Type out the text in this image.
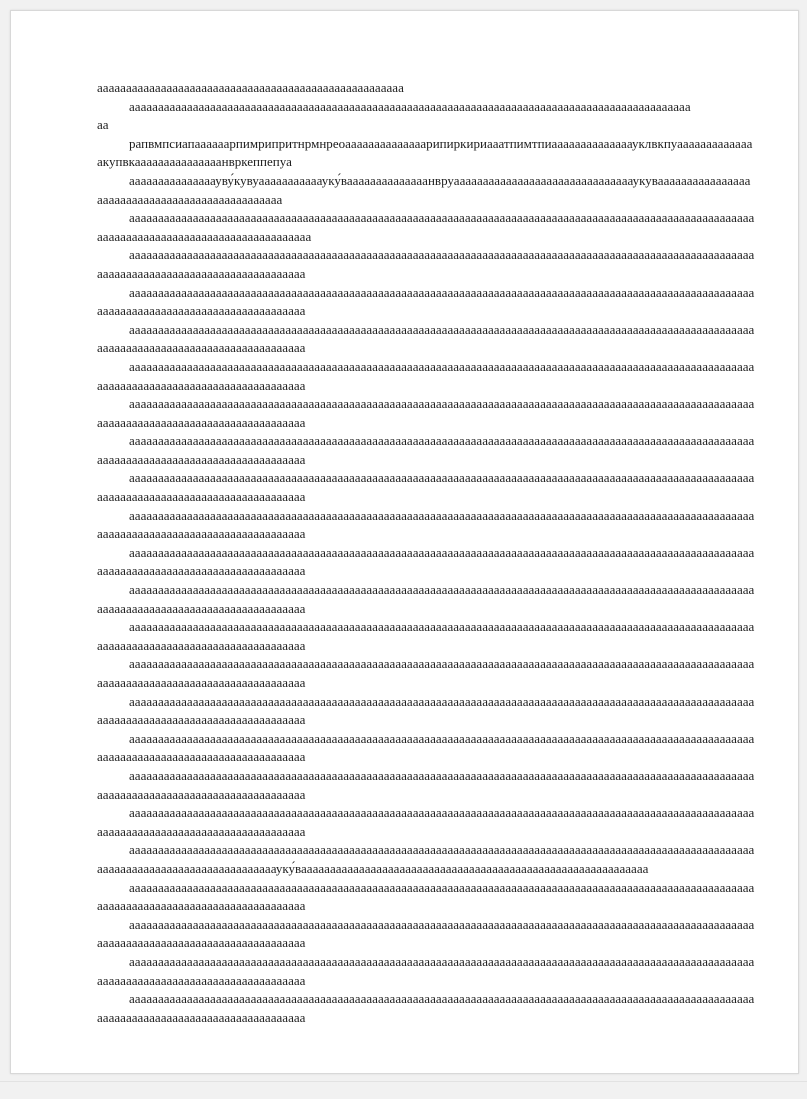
ааааааааааааааааааааааааааааааааааааааааааааааааааааа

ааааааааааааааааааааааааааааааааааааааааааааааааааааааааааааааааааааааааааааааааааааааааааааааааа

аа

рапвмпсиапаааааарпимрипритнрмнреоаааааааааааааарипиркириааатпимтпиаааааааааааааауклвкпуаааааааааааааакупвкааааааааааааааанвркеппепуа

ааааааааааааааауву́кувуааааааааааауку́ваааааааааааааанвруаааааааааааааааааааааааааааааааукуваааааааааааааааааааааааааааааааааааааааааааааааа

ааааааааааааааааааааааааааааааааааааааааааааааааааааааааааааааааааааааааааааааааааааааааааааааааааааааааааааааааааааааааааааааааааааааааааааааааа

аааааааааааааааааааааааааааааааааааааааааааааааааааааааааааааааааааааааааааааааааааааааааааааааааааааааааааааааааааааааааааааааааааааааааааааааа

аааааааааааааааааааааааааааааааааааааааааааааааааааааааааааааааааааааааааааааааааааааааааааааааааааааааааааааааааааааааааааааааааааааааааааааааа

аааааааааааааааааааааааааааааааааааааааааааааааааааааааааааааааааааааааааааааааааааааааааааааааааааааааааааааааааааааааааааааааааааааааааааааааа

аааааааааааааааааааааааааааааааааааааааааааааааааааааааааааааааааааааааааааааааааааааааааааааааааааааааааааааааааааааааааааааааааааааааааааааааа

аааааааааааааааааааааааааааааааааааааааааааааааааааааааааааааааааааааааааааааааааааааааааааааааааааааааааааааааааааааааааааааааааааааааааааааааа

аааааааааааааааааааааааааааааааааааааааааааааааааааааааааааааааааааааааааааааааааааааааааааааааааааааааааааааааааааааааааааааааааааааааааааааааа

аааааааааааааааааааааааааааааааааааааааааааааааааааааааааааааааааааааааааааааааааааааааааааааааааааааааааааааааааааааааааааааааааааааааааааааааа

аааааааааааааааааааааааааааааааааааааааааааааааааааааааааааааааааааааааааааааааааааааааааааааааааааааааааааааааааааааааааааааааааааааааааааааааа

аааааааааааааааааааааааааааааааааааааааааааааааааааааааааааааааааааааааааааааааааааааааааааааааааааааааааааааааааааааааааааааааааааааааааааааааа

аааааааааааааааааааааааааааааааааааааааааааааааааааааааааааааааааааааааааааааааааааааааааааааааааааааааааааааааааааааааааааааааааааааааааааааааа

аааааааааааааааааааааааааааааааааааааааааааааааааааааааааааааааааааааааааааааааааааааааааааааааааааааааааааааааааааааааааааааааааааааааааааааааа

аааааааааааааааааааааааааааааааааааааааааааааааааааааааааааааааааааааааааааааааааааааааааааааааааааааааааааааааааааааааааааааааааааааааааааааааа

аааааааааааааааааааааааааааааааааааааааааааааааааааааааааааааааааааааааааааааааааааааааааааааааааааааааааааааааааааааааааааааааааааааааааааааааа

аааааааааааааааааааааааааааааааааааааааааааааааааааааааааааааааааааааааааааааааааааааааааааааааааааааааааааааааааааааааааааааааааааааааааааааааа

аааааааааааааааааааааааааааааааааааааааааааааааааааааааааааааааааааааааааааааааааааааааааааааааааааааааааааааааааааааааааааааааааааааааааааааааа

аааааааааааааааааааааааааааааааааааааааааааааааааааааааааааааааааааааааааааааааааааааааааааааааааааааааааааааааааааааааааааааааааааааааааааааааа

ааааааааааааааааааааааааааааааааааааааааааааааааааааааааааааааааааааааааааааааааааааааааааааааааааааааааааааааааааааааааааааааааааааааааааауку́ваааааааааааааааааааааааааааааааааааааааааааааааааааааааааааа

аааааааааааааааааааааааааааааааааааааааааааааааааааааааааааааааааааааааааааааааааааааааааааааааааааааааааааааааааааааааааааааааааааааааааааааааа

аааааааааааааааааааааааааааааааааааааааааааааааааааааааааааааааааааааааааааааааааааааааааааааааааааааааааааааааааааааааааааааааааааааааааааааааа

аааааааааааааааааааааааааааааааааааааааааааааааааааааааааааааааааааааааааааааааааааааааааааааааааааааааааааааааааааааааааааааааааааааааааааааааа

аааааааааааааааааааааааааааааааааааааааааааааааааааааааааааааааааааааааааааааааааааааааааааааааааааааааааааааааааааааааааааааааааааааааааааааааа
